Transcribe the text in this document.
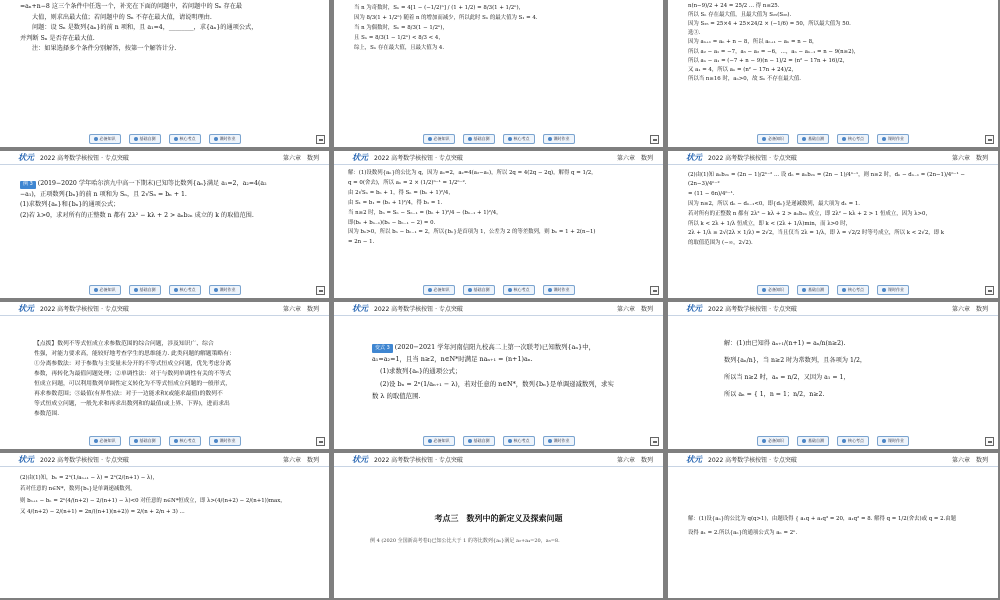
=aₙ+n−8 这三个条件中任选一个，补充在下面的问题中，若问题中的 Sₙ 存在最

大值，则求出最大值；若问题中的 Sₙ 不存在最大值，请说明理由.

问题：设 Sₙ 是数列{aₙ}的前 n 项和，且 a₁=4，________，求{aₙ}的通项公式，

并判断 Sₙ 是否存在最大值.

注：如果选择多个条件分别解答，按第一个解答计分.

必备知识	基础自测	核心考点	课时作业

当 n 为奇数时，Sₙ = 4[1 − (−1/2)ⁿ] / (1 + 1/2) = 8/3(1 + 1/2ⁿ)，

因为 8/3(1 + 1/2ⁿ) 随着 n 的增加而减少，所以此时 Sₙ 的最大值为 S₁ = 4.

当 n 为偶数时，Sₙ = 8/3(1 − 1/2ⁿ)，

且 Sₙ = 8/3(1 − 1/2ⁿ) < 8/3 < 4，

综上，Sₙ 存在最大值，且最大值为 4.

必备知识	基础自测	核心考点	课时作业

n(n−9)/2 + 24 = 25/2 ... 得 n≤25.

所以 Sₙ 存在最大值，且最大值为 S₂₅(S₂₆).

因为 S₂₅ = 25×4 + 25×24/2 × (−1/6) = 50，所以最大值为 50.

选③.

因为 aₙ₊₁ = aₙ + n − 8，所以 aₙ₊₁ − aₙ = n − 8，

所以 a₂ − a₁ = −7，a₃ − a₂ = −6，…，aₙ − aₙ₋₁ = n − 9(n≥2)，

所以 aₙ − a₁ = (−7 + n − 9)(n − 1)/2 = (n² − 17n + 16)/2，

又 a₁ = 4，所以 aₙ = (n² − 17n + 24)/2，

所以当 n≥16 时，aₙ>0，故 Sₙ 不存在最大值.

必备知识	基础自测	核心考点	课时作业
状元 2022 高考数学核按钮 · 专点突破	第六章　 数列

例 3 (2019−2020 学年哈尔滨九中高一下期末)已知等比数列{aₙ}满足 a₁=2，a₂=4(a₂

−a₁)，正项数列{bₙ}的前 n 项和为 Sₙ，且 2√Sₙ = bₙ + 1.

(1)求数列{aₙ}和{bₙ}的通项公式；

(2)若 λ>0，求对所有的正整数 n 都有 2λ² − kλ + 2 > aₙb₂ₙ 成立的 k 的取值范围.

必备知识	基础自测	核心考点	课时作业
状元 2022 高考数学核按钮 · 专点突破	第六章　 数列

解：(1)设数列{aₙ}的公比为 q，因为 a₁=2，a₂=4(a₂−a₁)，所以 2q = 4(2q − 2q)，解得 q = 1/2，

q = 0(舍去)，所以 aₙ = 2 × (1/2)ⁿ⁻¹ = 1/2ⁿ⁻².

由 2√Sₙ = bₙ + 1，得 Sₙ = (bₙ + 1)²/4，

由 S₁ = b₁ = (b₁ + 1)²/4，得 b₁ = 1.

当 n≥2 时，bₙ = Sₙ − Sₙ₋₁ = (bₙ + 1)²/4 − (bₙ₋₁ + 1)²/4，

即(bₙ + bₙ₋₁)(bₙ − bₙ₋₁ − 2) = 0.

因为 bₙ>0，所以 bₙ − bₙ₋₁ = 2，所以{bₙ}是首项为 1，公差为 2 的等差数列，则 bₙ = 1 + 2(n−1)

= 2n − 1.

必备知识	基础自测	核心考点	课时作业
状元 2022 高考数学核按钮 · 专点突破	第六章　 数列

(2)由(1)知 aₙb₂ₙ = (2n − 1)/2ⁿ⁻² ... 设 dₙ = aₙb₂ₙ = (2n − 1)/4ⁿ⁻¹，则 n≥2 时，dₙ − dₙ₋₁ = (2n−1)/4ⁿ⁻¹ − (2n−3)/4ⁿ⁻²

= (11 − 6n)/4ⁿ⁻¹.

因为 n≥2，所以 dₙ − dₙ₋₁<0，即{dₙ}是递减数列，最大项为 d₁ = 1.

若对所有的正整数 n 都有 2λ² − kλ + 2 > aₙb₂ₙ 成立，即 2λ² − kλ + 2 > 1 恒成立，因为 λ>0，

所以 k < 2λ + 1/λ 恒成立，即 k < (2λ + 1/λ)min，而 λ>0 时，

2λ + 1/λ ≥ 2√(2λ × 1/λ) = 2√2，当且仅当 2λ = 1/λ，即 λ = √2/2 时等号成立，所以 k < 2√2，即 k

的取值范围为 (−∞，2√2).

必备知识	基础自测	核心考点	课时作业
状元 2022 高考数学核按钮 · 专点突破	第六章　 数列

【点拨】数列不等式恒成立求参数范围的综合问题，涉及知识广、综合

性强，对能力要求高，能较好地考查学生的思维能力. 此类问题的解题策略有：

①分离参数法：对于参数与主变量未分开的不等式恒成立问题，优先考虑分离

参数，再转化为最值问题处理；②单调性法：对于与数列单调性有关的不等式

恒成立问题，可以利用数列单调性定义转化为不等式恒成立问题的一般形式，

再求参数范围；③最值(有界性)法：对于一边能求和(或能求最值)的数列不

等式恒成立问题，一般先求和再求出数列和的最值(或上界、下界)，进而求出

参数范围.

必备知识	基础自测	核心考点	课时作业
状元 2022 高考数学核按钮 · 专点突破	第六章　 数列

变式 3 (2020−2021 学年河南信阳九校高二上第一次联考)已知数列{aₙ}中，

a₁=a₂=1，且当 n≥2，n∈N*时满足 naₙ₊₁ = (n+1)aₙ.

(1)求数列{aₙ}的通项公式；

(2)设 bₙ = 2ⁿ(1/aₙ₊₁ − λ)，若对任意的 n∈N*，数列{bₙ}是单调递减数列，求实

数 λ 的取值范围.

必备知识	基础自测	核心考点	课时作业
状元 2022 高考数学核按钮 · 专点突破	第六章　 数列

解：(1)由已知得 aₙ₊₁/(n+1) = aₙ/n(n≥2).

数列{aₙ/n}，当 n≥2 时为常数列，且各项为 1/2，

所以当 n≥2 时，aₙ = n/2，又因为 a₁ = 1，

所以 aₙ = { 1，n = 1；n/2，n≥2.

必备知识	基础自测	核心考点	课时作业
状元 2022 高考数学核按钮 · 专点突破	第六章　 数列

(2)由(1)知，bₙ = 2ⁿ(1/aₙ₊₁ − λ) = 2ⁿ(2/(n+1) − λ)，

若对任意的 n∈N*，数列{bₙ}是单调递减数列，

则 bₙ₊₁ − bₙ = 2ⁿ(4/(n+2) − 2/(n+1) − λ)<0 对任意的 n∈N*恒成立，即 λ>(4/(n+2) − 2/(n+1))max，

又 4/(n+2) − 2/(n+1) = 2n/((n+1)(n+2)) = 2/(n + 2/n + 3) ...

状元 2022 高考数学核按钮 · 专点突破	第六章　 数列
考点三　数列中的新定义及探索问题
例 4 (2020 全国新高考卷Ⅰ)已知公比大于 1 的等比数列{aₙ}满足 a₂+a₄=20，a₃=8.
状元 2022 高考数学核按钮 · 专点突破	第六章　 数列

解：(1)设{aₙ}的公比为 q(q>1)，由题设得 { a₁q + a₁q³ = 20，a₁q² = 8. 解得 q = 1/2(舍去)或 q = 2.由题

设得 a₁ = 2.所以{aₙ}的通项公式为 aₙ = 2ⁿ.
